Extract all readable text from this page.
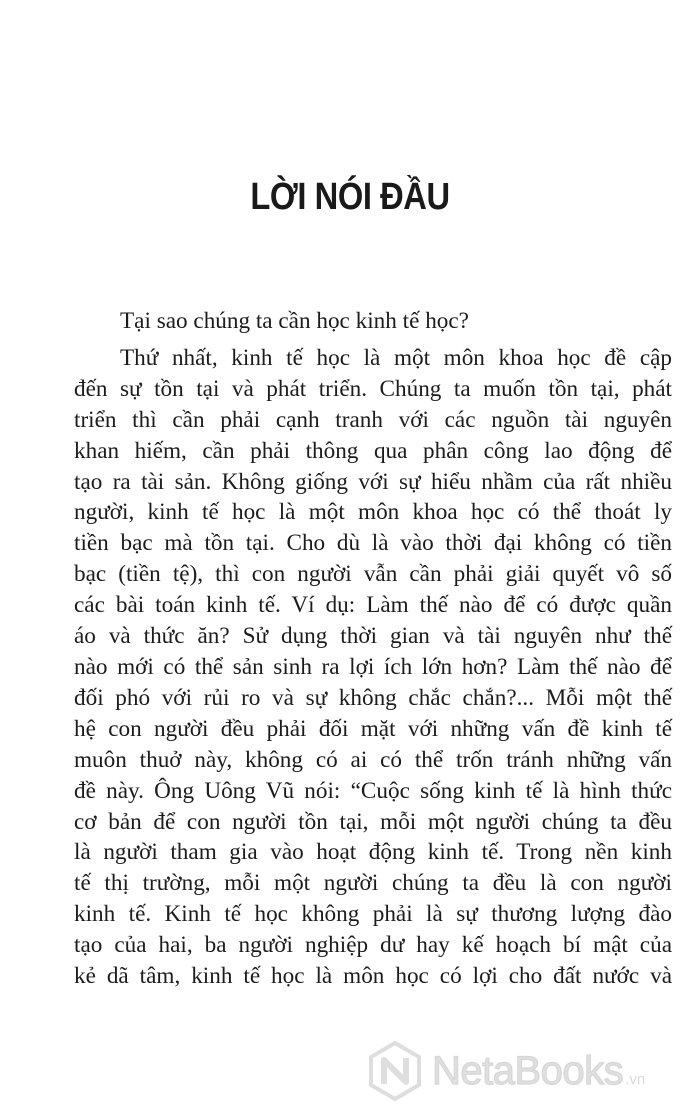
LỜI NÓI ĐẦU

Tại sao chúng ta cần học kinh tế học?

Thứ nhất, kinh tế học là một môn khoa học đề cập
đến sự tồn tại và phát triển. Chúng ta muốn tồn tại, phát
triển thì cần phải cạnh tranh với các nguồn tài nguyên
khan hiếm, cần phải thông qua phân công lao động để
tạo ra tài sản. Không giống với sự hiểu nhầm của rất nhiều
người, kinh tế học là một môn khoa học có thể thoát ly
tiền bạc mà tồn tại. Cho dù là vào thời đại không có tiền
bạc (tiền tệ), thì con người vẫn cần phải giải quyết vô số
các bài toán kinh tế. Ví dụ: Làm thế nào để có được quần
áo và thức ăn? Sử dụng thời gian và tài nguyên như thế
nào mới có thể sản sinh ra lợi ích lớn hơn? Làm thế nào để
đối phó với rủi ro và sự không chắc chắn?... Mỗi một thế
hệ con người đều phải đối mặt với những vấn đề kinh tế
muôn thuở này, không có ai có thể trốn tránh những vấn
đề này. Ông Uông Vũ nói: “Cuộc sống kinh tế là hình thức
cơ bản để con người tồn tại, mỗi một người chúng ta đều
là người tham gia vào hoạt động kinh tế. Trong nền kinh
tế thị trường, mỗi một người chúng ta đều là con người
kinh tế. Kinh tế học không phải là sự thương lượng đào
tạo của hai, ba người nghiệp dư hay kế hoạch bí mật của
kẻ dã tâm, kinh tế học là môn học có lợi cho đất nước và

NetaBooks .vn
